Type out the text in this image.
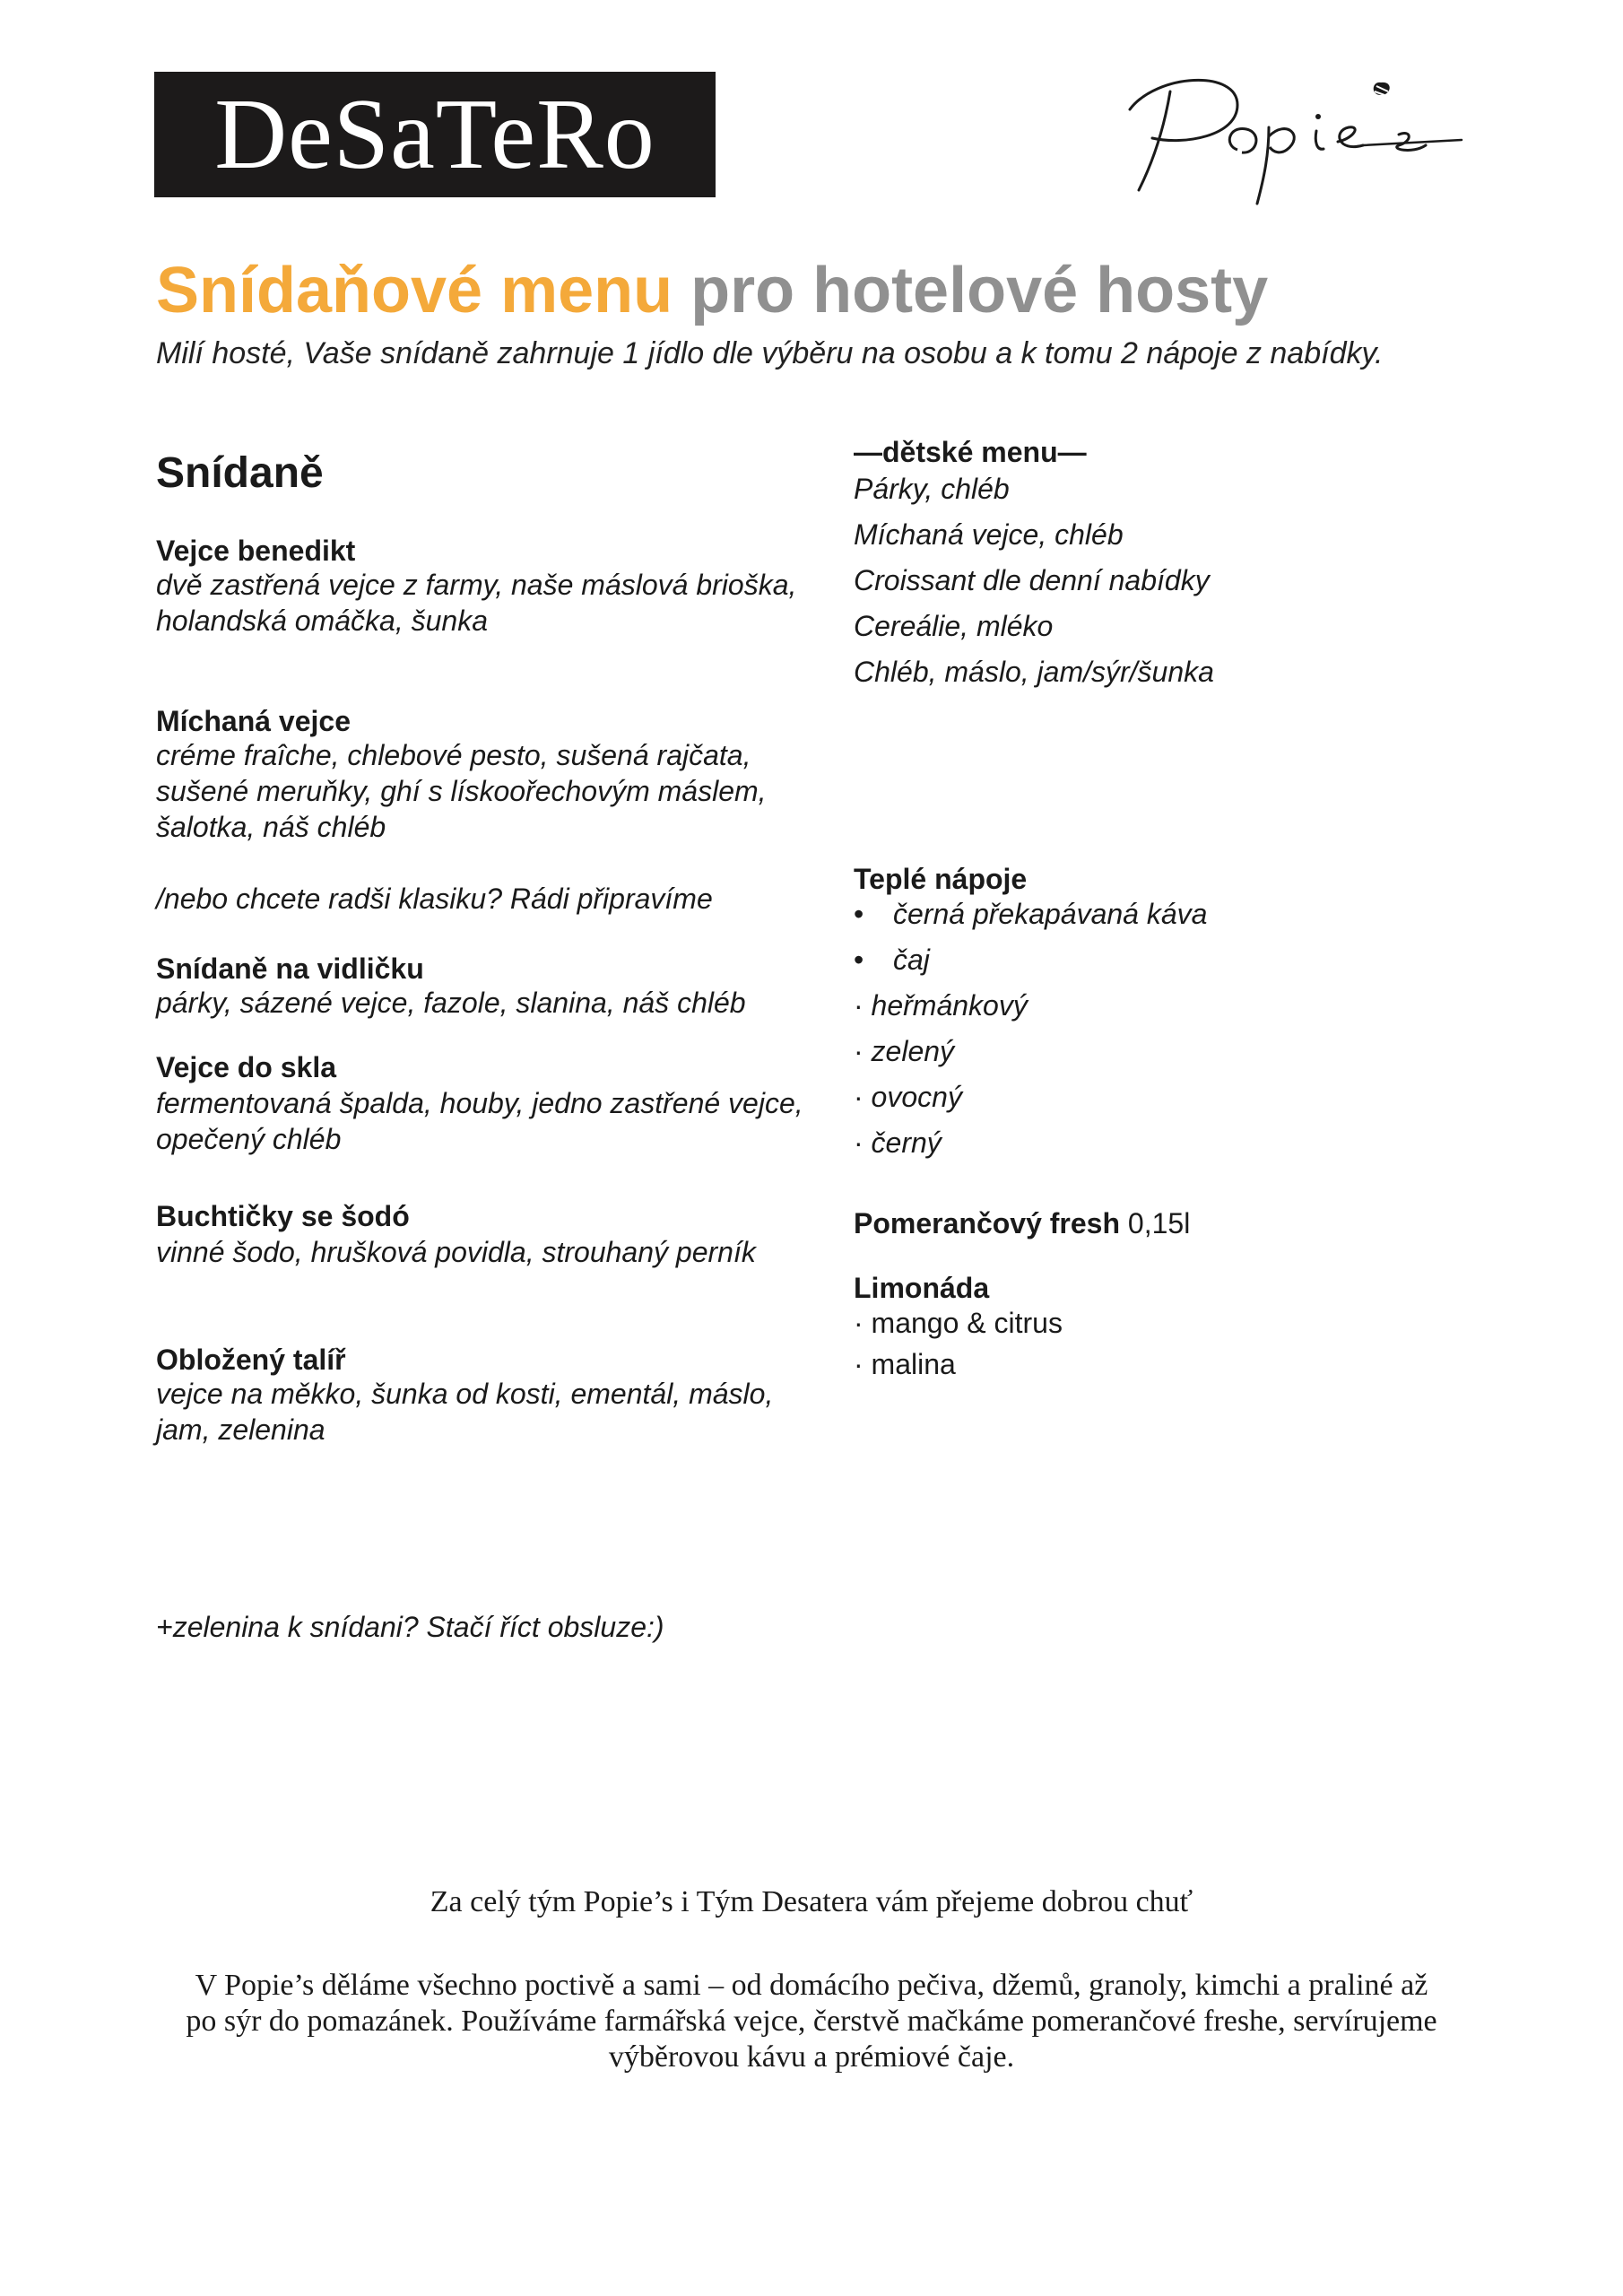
DeSaTeRo
Snídaňové menu pro hotelové hosty
Milí hosté, Vaše snídaně zahrnuje 1 jídlo dle výběru na osobu a k tomu 2 nápoje z nabídky.
Snídaně
Vejce benedikt
dvě zastřená vejce z farmy, naše máslová brioška, holandská omáčka, šunka
Míchaná vejce
créme fraîche, chlebové pesto, sušená rajčata, sušené meruňky, ghí s lískoořechovým máslem, šalotka, náš chléb
/nebo chcete radši klasiku? Rádi připravíme
Snídaně na vidličku
párky, sázené vejce, fazole, slanina, náš chléb
Vejce do skla
fermentovaná špalda, houby, jedno zastřené vejce, opečený chléb
Buchtičky se šodó
vinné šodo, hrušková povidla, strouhaný perník
Obložený talíř
vejce na měkko, šunka od kosti, ementál, máslo, jam, zelenina
+zelenina k snídani? Stačí říct obsluze:)
—dětské menu—
Párky, chléb
Míchaná vejce, chléb
Croissant dle denní nabídky
Cereálie, mléko
Chléb, máslo, jam/sýr/šunka
Teplé nápoje
• černá překapávaná káva
• čaj
· heřmánkový
· zelený
· ovocný
· černý
Pomerančový fresh 0,15l
Limonáda
· mango & citrus
· malina
Za celý tým Popie’s i Tým Desatera vám přejeme dobrou chuť
V Popie’s děláme všechno poctivě a sami – od domácího pečiva, džemů, granoly, kimchi a praliné až po sýr do pomazánek. Používáme farmářská vejce, čerstvě mačkáme pomerančové freshe, servírujeme výběrovou kávu a prémiové čaje.
